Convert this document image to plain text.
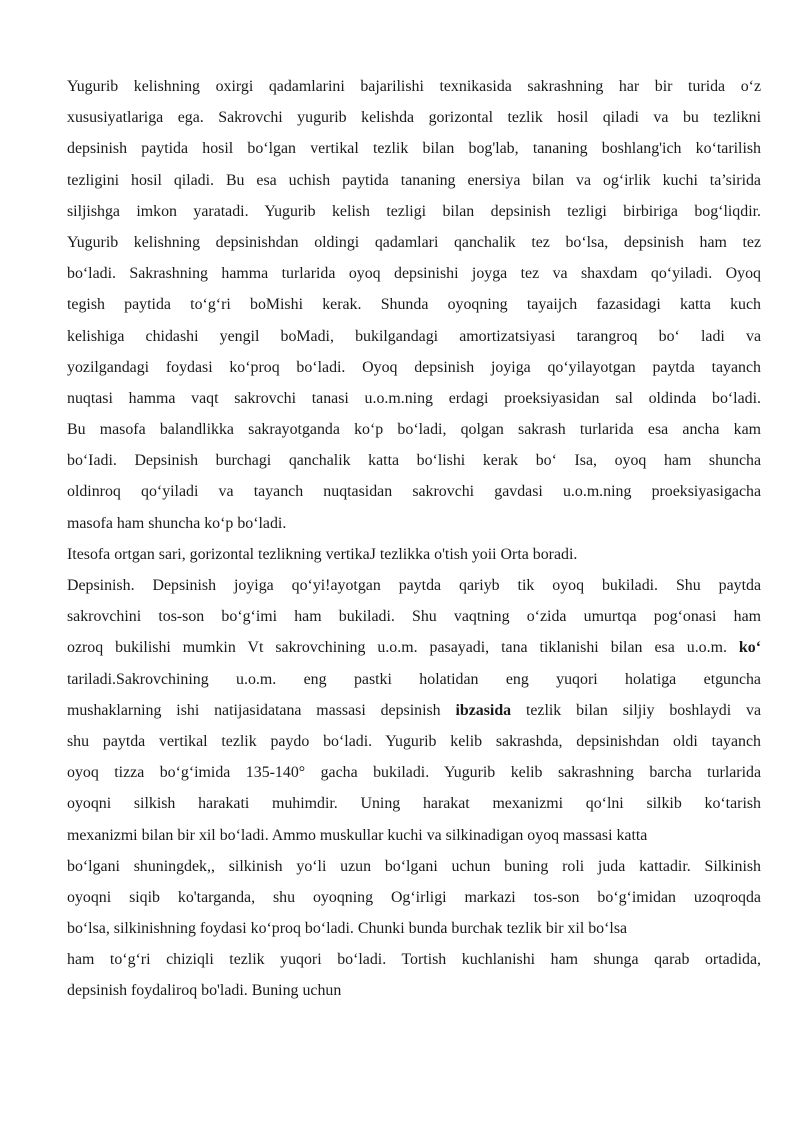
Yugurib kelishning oxirgi qadamlarini bajarilishi texnikasida sakrashning har bir turida o‘z
xususiyatlariga ega. Sakrovchi yugurib kelishda gorizontal tezlik hosil qiladi va bu tezlikni
depsinish paytida hosil bo‘lgan vertikal tezlik bilan bog'lab, tananing boshlang'ich ko‘tarilish
tezligini hosil qiladi. Bu esa uchish paytida tananing enersiya bilan va og‘irlik kuchi ta’sirida
siljishga imkon yaratadi. Yugurib kelish tezligi bilan depsinish tezligi birbiriga bog‘liqdir.
Yugurib kelishning depsinishdan oldingi qadamlari qanchalik tez bo‘lsa, depsinish ham tez
bo‘ladi. Sakrashning hamma turlarida oyoq depsinishi joyga tez va shaxdam qo‘yiladi. Oyoq
tegish paytida to‘g‘ri boMishi kerak. Shunda oyoqning tayaijch fazasidagi katta kuch
kelishiga chidashi yengil boMadi, bukilgandagi amortizatsiyasi tarangroq bo‘ ladi va
yozilgandagi foydasi ko‘proq bo‘ladi. Oyoq depsinish joyiga qo‘yilayotgan paytda tayanch
nuqtasi hamma vaqt sakrovchi tanasi u.o.m.ning erdagi proeksiyasidan sal oldinda bo‘ladi.
Bu masofa balandlikka sakrayotganda ko‘p bo‘ladi, qolgan sakrash turlarida esa ancha kam
bo‘Iadi. Depsinish burchagi qanchalik katta bo‘lishi kerak bo‘ Isa, oyoq ham shuncha
oldinroq qo‘yiladi va tayanch nuqtasidan sakrovchi gavdasi u.o.m.ning proeksiyasigacha
masofa ham shuncha ko‘p bo‘ladi.
Itesofa ortgan sari, gorizontal tezlikning vertikaJ tezlikka o'tish yoii Orta boradi.
Depsinish. Depsinish joyiga qo‘yi!ayotgan paytda qariyb tik oyoq bukiladi. Shu paytda
sakrovchini tos-son bo‘g‘imi ham bukiladi. Shu vaqtning o‘zida umurtqa pog‘onasi ham
ozroq bukilishi mumkin Vt sakrovchining u.o.m. pasayadi, tana tiklanishi bilan esa u.o.m. ko‘
tariladi.Sakrovchining u.o.m. eng pastki holatidan eng yuqori holatiga etguncha
mushaklarning ishi natijasidatana massasi depsinish ibzasida tezlik bilan siljiy boshlaydi va
shu paytda vertikal tezlik paydo bo‘ladi. Yugurib kelib sakrashda, depsinishdan oldi tayanch
oyoq tizza bo‘g‘imida 135-140° gacha bukiladi. Yugurib kelib sakrashning barcha turlarida
oyoqni silkish harakati muhimdir. Uning harakat mexanizmi qo‘lni silkib ko‘tarish
mexanizmi bilan bir xil bo‘ladi. Ammo muskullar kuchi va silkinadigan oyoq massasi katta
bo‘lgani shuningdek,, silkinish yo‘li uzun bo‘lgani uchun buning roli juda kattadir. Silkinish
oyoqni siqib ko'targanda, shu oyoqning Og‘irligi markazi tos-son bo‘g‘imidan uzoqroqda
bo‘lsa, silkinishning foydasi ko‘proq bo‘ladi. Chunki bunda burchak tezlik bir xil bo‘lsa
ham to‘g‘ri chiziqli tezlik yuqori bo‘ladi. Tortish kuchlanishi ham shunga qarab ortadida,
depsinish foydaliroq bo'ladi. Buning uchun
